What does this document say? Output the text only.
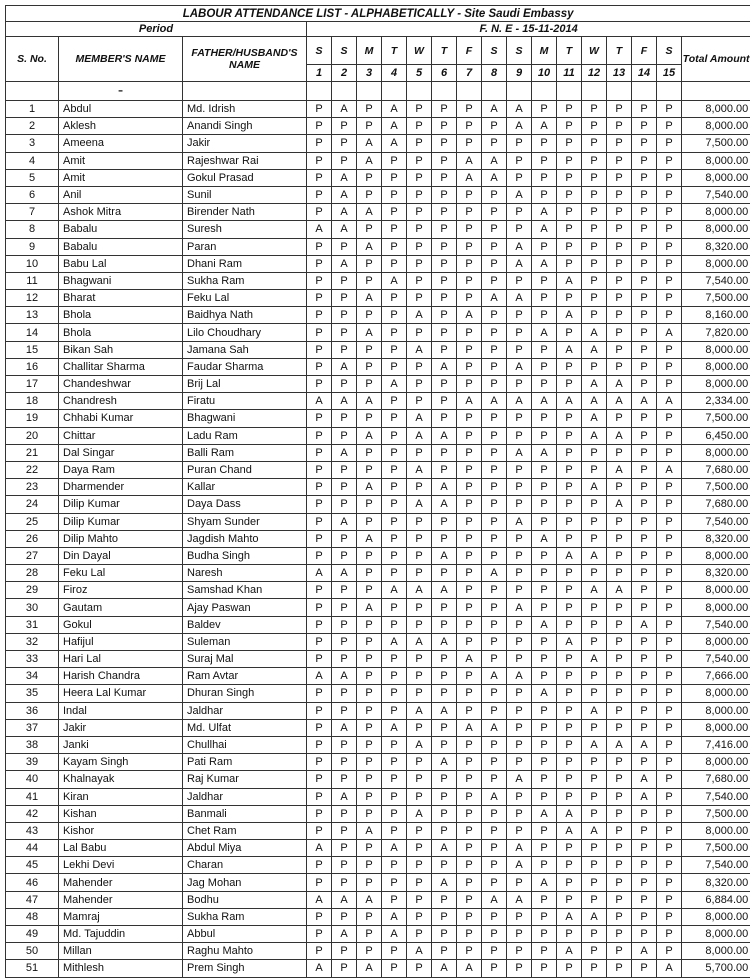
LABOUR ATTENDANCE LIST - ALPHABETICALLY - Site Saudi Embassy																		
Period			F. N. E - 15-11-2014															
S. No.	MEMBER'S NAME	FATHER/HUSBAND'S NAME	S	S	M	T	W	T	F	S	S	M	T	W	T	F	S	Total Amount
			1	2	3	4	5	6	7	8	9	10	11	12	13	14	15	
	-																	
1	Abdul	Md. Idrish	P	A	P	A	P	P	P	A	A	P	P	P	P	P	P	8,000.00
2	Aklesh	Anandi Singh	P	P	P	A	P	P	P	P	A	A	P	P	P	P	P	8,000.00
3	Ameena	Jakir	P	P	A	A	P	P	P	P	P	P	P	P	P	P	P	7,500.00
4	Amit	Rajeshwar Rai	P	P	A	P	P	P	A	A	P	P	P	P	P	P	P	8,000.00
5	Amit	Gokul Prasad	P	A	P	P	P	P	A	A	P	P	P	P	P	P	P	8,000.00
6	Anil	Sunil	P	A	P	P	P	P	P	P	A	P	P	P	P	P	P	7,540.00
7	Ashok Mitra	Birender Nath	P	A	A	P	P	P	P	P	P	A	P	P	P	P	P	8,000.00
8	Babalu	Suresh	A	A	P	P	P	P	P	P	P	A	P	P	P	P	P	8,000.00
9	Babalu	Paran	P	P	A	P	P	P	P	P	A	P	P	P	P	P	P	8,320.00
10	Babu Lal	Dhani Ram	P	A	P	P	P	P	P	P	A	A	P	P	P	P	P	8,000.00
11	Bhagwani	Sukha Ram	P	P	P	A	P	P	P	P	P	P	A	P	P	P	P	7,540.00
12	Bharat	Feku Lal	P	P	A	P	P	P	P	A	A	P	P	P	P	P	P	7,500.00
13	Bhola	Baidhya Nath	P	P	P	P	A	P	A	P	P	P	A	P	P	P	P	8,160.00
14	Bhola	Lilo Choudhary	P	P	A	P	P	P	P	P	P	A	P	A	P	P	A	7,820.00
15	Bikan Sah	Jamana Sah	P	P	P	P	A	P	P	P	P	P	A	A	P	P	P	8,000.00
16	Challitar Sharma	Faudar Sharma	P	A	P	P	P	A	P	P	A	P	P	P	P	P	P	8,000.00
17	Chandeshwar	Brij Lal	P	P	P	A	P	P	P	P	P	P	P	A	A	P	P	8,000.00
18	Chandresh	Firatu	A	A	A	P	P	P	A	A	A	A	A	A	A	A	A	2,334.00
19	Chhabi Kumar	Bhagwani	P	P	P	P	A	P	P	P	P	P	P	A	P	P	P	7,500.00
20	Chittar	Ladu Ram	P	P	A	P	A	A	P	P	P	P	P	A	A	P	P	6,450.00
21	Dal Singar	Balli Ram	P	A	P	P	P	P	P	P	A	A	P	P	P	P	P	8,000.00
22	Daya Ram	Puran Chand	P	P	P	P	A	P	P	P	P	P	P	P	A	P	A	7,680.00
23	Dharmender	Kallar	P	P	A	P	P	A	P	P	P	P	P	A	P	P	P	7,500.00
24	Dilip Kumar	Daya Dass	P	P	P	P	A	A	P	P	P	P	P	P	A	P	P	7,680.00
25	Dilip Kumar	Shyam Sunder	P	A	P	P	P	P	P	P	A	P	P	P	P	P	P	7,540.00
26	Dilip Mahto	Jagdish Mahto	P	P	A	P	P	P	P	P	P	A	P	P	P	P	P	8,320.00
27	Din Dayal	Budha Singh	P	P	P	P	P	A	P	P	P	P	A	A	P	P	P	8,000.00
28	Feku Lal	Naresh	A	A	P	P	P	P	P	A	P	P	P	P	P	P	P	8,320.00
29	Firoz	Samshad Khan	P	P	P	A	A	A	P	P	P	P	P	A	A	P	P	8,000.00
30	Gautam	Ajay Paswan	P	P	A	P	P	P	P	P	A	P	P	P	P	P	P	8,000.00
31	Gokul	Baldev	P	P	P	P	P	P	P	P	P	A	P	P	P	A	P	7,540.00
32	Hafijul	Suleman	P	P	P	A	A	A	P	P	P	P	A	P	P	P	P	8,000.00
33	Hari Lal	Suraj Mal	P	P	P	P	P	P	A	P	P	P	P	A	P	P	P	7,540.00
34	Harish Chandra	Ram Avtar	A	A	P	P	P	P	P	A	A	P	P	P	P	P	P	7,666.00
35	Heera Lal Kumar	Dhuran Singh	P	P	P	P	P	P	P	P	P	A	P	P	P	P	P	8,000.00
36	Indal	Jaldhar	P	P	P	P	A	A	P	P	P	P	P	A	P	P	P	8,000.00
37	Jakir	Md. Ulfat	P	A	P	A	P	P	A	A	P	P	P	P	P	P	P	8,000.00
38	Janki	Chullhai	P	P	P	P	A	P	P	P	P	P	P	A	A	A	P	7,416.00
39	Kayam Singh	Pati Ram	P	P	P	P	P	A	P	P	P	P	P	P	P	P	P	8,000.00
40	Khalnayak	Raj Kumar	P	P	P	P	P	P	P	P	A	P	P	P	P	A	P	7,680.00
41	Kiran	Jaldhar	P	A	P	P	P	P	P	A	P	P	P	P	P	A	P	7,540.00
42	Kishan	Banmali	P	P	P	P	A	P	P	P	P	A	A	P	P	P	P	7,500.00
43	Kishor	Chet Ram	P	P	A	P	P	P	P	P	P	P	A	A	P	P	P	8,000.00
44	Lal Babu	Abdul Miya	A	P	P	A	P	A	P	P	A	P	P	P	P	P	P	7,500.00
45	Lekhi Devi	Charan	P	P	P	P	P	P	P	P	A	P	P	P	P	P	P	7,540.00
46	Mahender	Jag Mohan	P	P	P	P	P	A	P	P	P	A	P	P	P	P	P	8,320.00
47	Mahender	Bodhu	A	A	A	P	P	P	P	A	A	P	P	P	P	P	P	6,884.00
48	Mamraj	Sukha Ram	P	P	P	A	P	P	P	P	P	P	A	A	P	P	P	8,000.00
49	Md. Tajuddin	Abbul	P	A	P	A	P	P	P	P	P	P	P	P	P	P	P	8,000.00
50	Millan	Raghu Mahto	P	P	P	P	A	P	P	P	P	P	A	P	P	A	P	8,000.00
51	Mithlesh	Prem Singh	A	P	A	P	P	A	A	P	P	P	P	P	P	P	A	5,700.00
